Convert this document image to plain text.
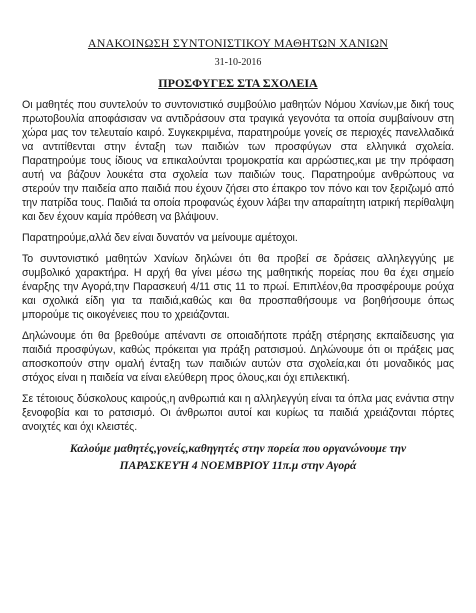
ΑΝΑΚΟΙΝΩΣΗ ΣΥΝΤΟΝΙΣΤΙΚΟΥ ΜΑΘΗΤΩΝ ΧΑΝΙΩΝ
31-10-2016
ΠΡΟΣΦΥΓΕΣ ΣΤΑ ΣΧΟΛΕΙΑ

Οι μαθητές που συντελούν το συντονιστικό συμβούλιο μαθητών Νόμου Χανίων,με δική τους πρωτοβουλία αποφάσισαν να αντιδράσουν στα τραγικά γεγονότα τα οποία συμβαίνουν στη χώρα μας τον τελευταίο καιρό. Συγκεκριμένα, παρατηρούμε γονείς σε περιοχές πανελλαδικά να αντιτίθενται στην ένταξη των παιδιών των προσφύγων στα ελληνικά σχολεία. Παρατηρούμε τους ίδιους να επικαλούνται τρομοκρατία και αρρώστιες,και με την πρόφαση αυτή να βάζουν λουκέτα στα σχολεία των παιδιών τους. Παρατηρούμε ανθρώπους να στερούν την παιδεία απο παιδιά που έχουν ζήσει στο έπακρο τον πόνο και τον ξεριζωμό από την πατρίδα τους. Παιδιά τα οποία προφανώς έχουν λάβει την απαραίτητη ιατρική περίθαλψη και δεν έχουν καμία πρόθεση να βλάψουν.

Παρατηρούμε,αλλά δεν είναι δυνατόν να μείνουμε αμέτοχοι.

Το συντονιστικό μαθητών Χανίων δηλώνει ότι θα προβεί σε δράσεις αλληλεγγύης με συμβολικό χαρακτήρα. Η αρχή θα γίνει μέσω της μαθητικής πορείας που θα έχει σημείο έναρξης την Αγορά,την Παρασκευή 4/11 στις 11 το πρωί. Επιπλέον,θα προσφέρουμε ρούχα και σχολικά είδη για τα παιδιά,καθώς και θα προσπαθήσουμε να βοηθήσουμε όπως μπορούμε τις οικογένειες που το χρειάζονται.

Δηλώνουμε ότι θα βρεθούμε απέναντι σε οποιαδήποτε πράξη στέρησης εκπαίδευσης για παιδιά προσφύγων, καθώς πρόκειται για πράξη ρατσισμού. Δηλώνουμε ότι οι πράξεις μας αποσκοπούν στην ομαλή ένταξη των παιδιών αυτών στα σχολεία,και ότι μοναδικός μας στόχος είναι η παιδεία να είναι ελεύθερη προς όλους,και όχι επιλεκτική.

Σε τέτοιους δύσκολους καιρούς,η ανθρωπιά και η αλληλεγγύη είναι τα όπλα μας ενάντια στην ξενοφοβία και το ρατσισμό. Οι άνθρωποι αυτοί και κυρίως τα παιδιά χρειάζονται πόρτες ανοιχτές και όχι κλειστές.

Καλούμε μαθητές,γονείς,καθηγητές στην πορεία που οργανώνουμε την
ΠΑΡΑΣΚΕΥΉ 4 ΝΟΕΜΒΡΙΟΥ 11π.μ στην Αγορά
